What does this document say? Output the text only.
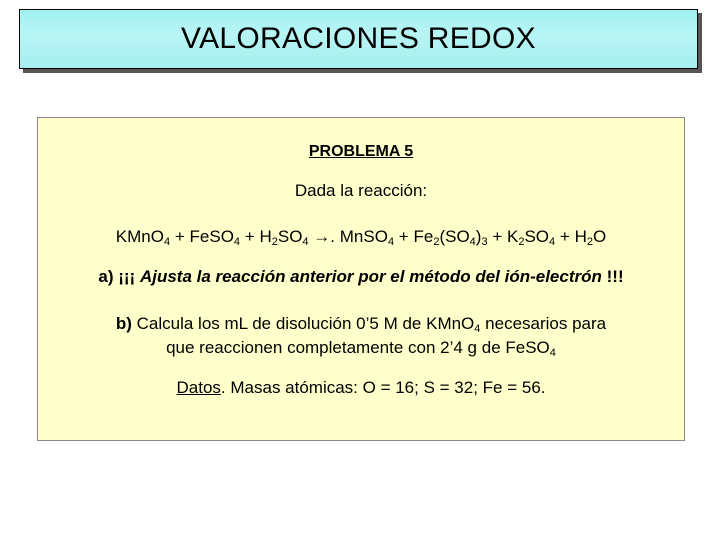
VALORACIONES REDOX
PROBLEMA 5
Dada la reacción:
KMnO$_4$ + FeSO$_4$ + $H_2SO_4$ →. MnSO$_4$ + $Fe_2(SO_4)_3 + K_2SO_4 + H_2O$
a) ¡¡¡ Ajusta la reacción anterior por el método del ión-electrón !!!
b) Calcula los mL de disolución 0’5 M de KMnO$_4$ necesarios para
que reaccionen completamente con 2’4 g de FeSO$_4$
Datos. Masas atómicas: O = 16; S = 32; Fe = 56.
